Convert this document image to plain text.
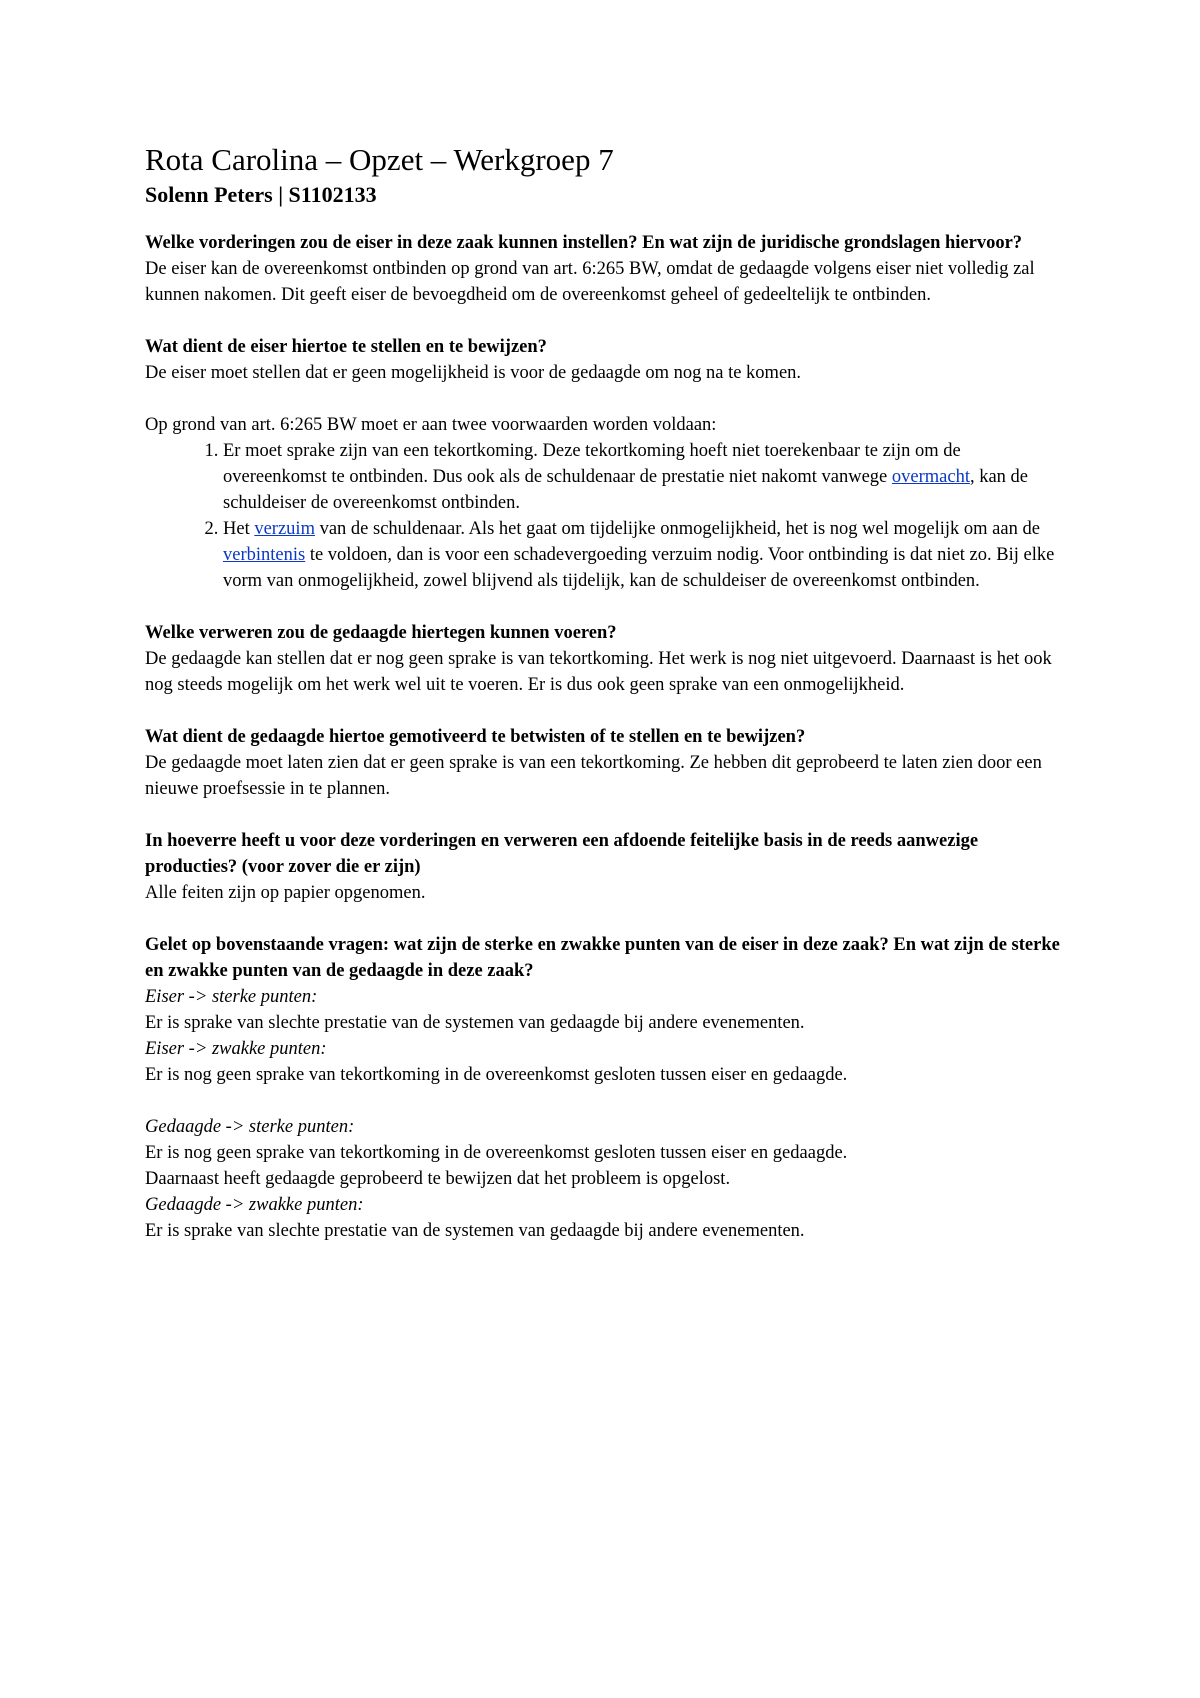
Rota Carolina – Opzet – Werkgroep 7
Solenn Peters | S1102133

Welke vorderingen zou de eiser in deze zaak kunnen instellen? En wat zijn de juridische grondslagen hiervoor?

De eiser kan de overeenkomst ontbinden op grond van art. 6:265 BW, omdat de gedaagde volgens eiser niet volledig zal kunnen nakomen. Dit geeft eiser de bevoegdheid om de overeenkomst geheel of gedeeltelijk te ontbinden.

Wat dient de eiser hiertoe te stellen en te bewijzen?

De eiser moet stellen dat er geen mogelijkheid is voor de gedaagde om nog na te komen.

Op grond van art. 6:265 BW moet er aan twee voorwaarden worden voldaan:

1. Er moet sprake zijn van een tekortkoming. Deze tekortkoming hoeft niet toerekenbaar te zijn om de overeenkomst te ontbinden. Dus ook als de schuldenaar de prestatie niet nakomt vanwege overmacht, kan de schuldeiser de overeenkomst ontbinden.
2. Het verzuim van de schuldenaar. Als het gaat om tijdelijke onmogelijkheid, het is nog wel mogelijk om aan de verbintenis te voldoen, dan is voor een schadevergoeding verzuim nodig. Voor ontbinding is dat niet zo. Bij elke vorm van onmogelijkheid, zowel blijvend als tijdelijk, kan de schuldeiser de overeenkomst ontbinden.

Welke verweren zou de gedaagde hiertegen kunnen voeren?

De gedaagde kan stellen dat er nog geen sprake is van tekortkoming. Het werk is nog niet uitgevoerd. Daarnaast is het ook nog steeds mogelijk om het werk wel uit te voeren. Er is dus ook geen sprake van een onmogelijkheid.

Wat dient de gedaagde hiertoe gemotiveerd te betwisten of te stellen en te bewijzen?

De gedaagde moet laten zien dat er geen sprake is van een tekortkoming. Ze hebben dit geprobeerd te laten zien door een nieuwe proefsessie in te plannen.

In hoeverre heeft u voor deze vorderingen en verweren een afdoende feitelijke basis in de reeds aanwezige producties? (voor zover die er zijn)

Alle feiten zijn op papier opgenomen.

Gelet op bovenstaande vragen: wat zijn de sterke en zwakke punten van de eiser in deze zaak? En wat zijn de sterke en zwakke punten van de gedaagde in deze zaak?

Eiser -> sterke punten:

Er is sprake van slechte prestatie van de systemen van gedaagde bij andere evenementen.

Eiser -> zwakke punten:

Er is nog geen sprake van tekortkoming in de overeenkomst gesloten tussen eiser en gedaagde.

Gedaagde -> sterke punten:

Er is nog geen sprake van tekortkoming in de overeenkomst gesloten tussen eiser en gedaagde.

Daarnaast heeft gedaagde geprobeerd te bewijzen dat het probleem is opgelost.

Gedaagde -> zwakke punten:

Er is sprake van slechte prestatie van de systemen van gedaagde bij andere evenementen.
